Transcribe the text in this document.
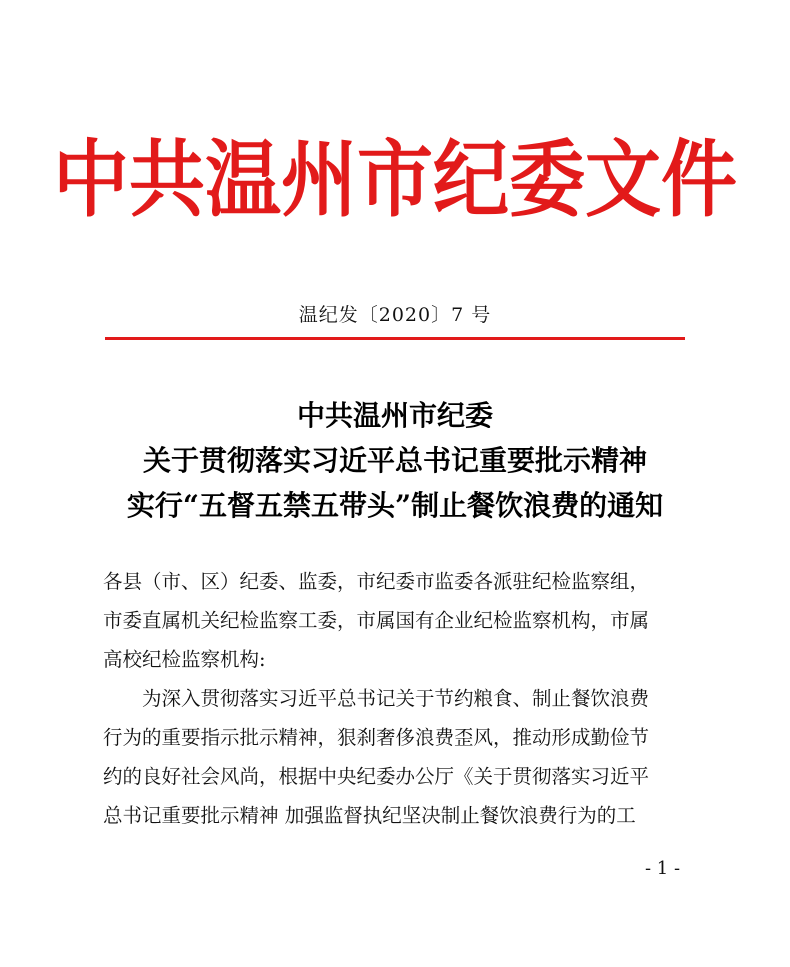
中共温州市纪委文件
温纪发〔2020〕7 号
中共温州市纪委
关于贯彻落实习近平总书记重要批示精神
实行“五督五禁五带头”制止餐饮浪费的通知

各县（市、区）纪委、监委，市纪委市监委各派驻纪检监察组，

市委直属机关纪检监察工委，市属国有企业纪检监察机构，市属

高校纪检监察机构:

为深入贯彻落实习近平总书记关于节约粮食、制止餐饮浪费

行为的重要指示批示精神，狠刹奢侈浪费歪风，推动形成勤俭节

约的良好社会风尚，根据中央纪委办公厅《关于贯彻落实习近平

总书记重要批示精神 加强监督执纪坚决制止餐饮浪费行为的工

- 1 -
